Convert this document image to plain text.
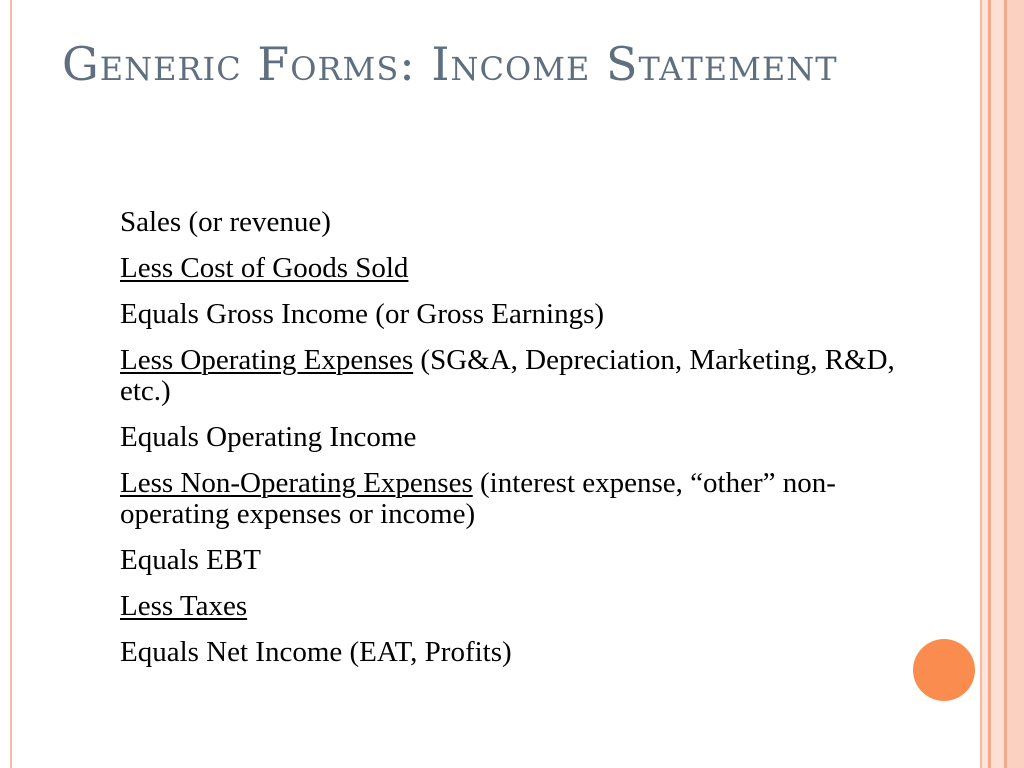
Generic Forms: Income Statement

Sales (or revenue)

Less Cost of Goods Sold

Equals Gross Income (or Gross Earnings)

Less Operating Expenses (SG&A, Depreciation, Marketing, R&D, etc.)

Equals Operating Income

Less Non-Operating Expenses (interest expense, “other” non-operating expenses or income)

Equals EBT

Less Taxes

Equals Net Income (EAT, Profits)
